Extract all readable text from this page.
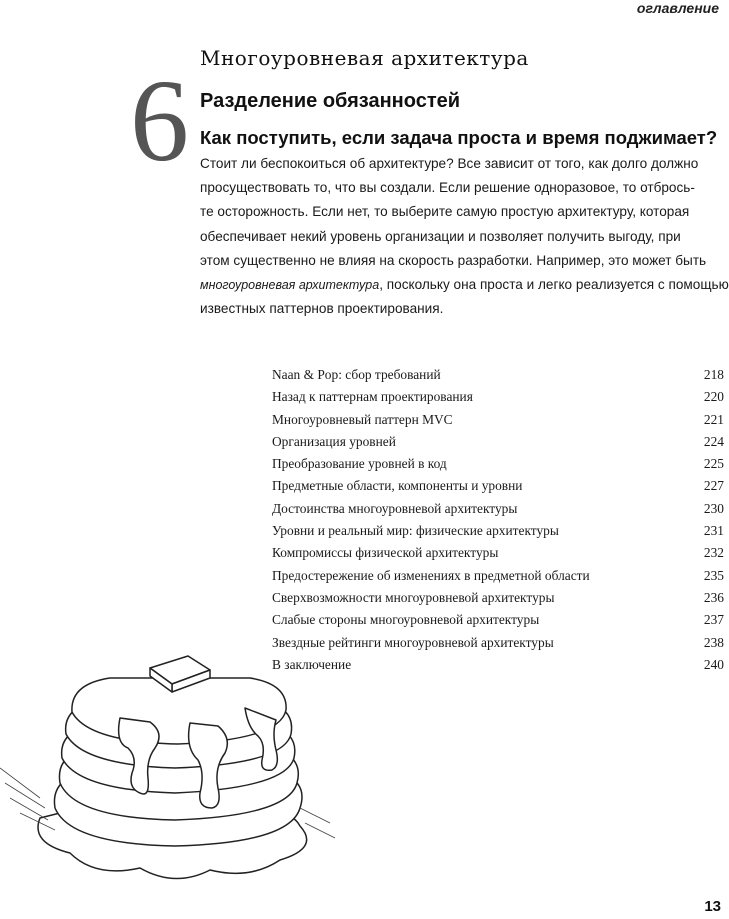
оглавление
6 Многоуровневая архитектура
Разделение обязанностей
Как поступить, если задача проста и время поджимает?
Стоит ли беспокоиться об архитектуре? Все зависит от того, как долго должно
просуществовать то, что вы создали. Если решение одноразовое, то отбрось-
те осторожность. Если нет, то выберите самую простую архитектуру, которая
обеспечивает некий уровень организации и позволяет получить выгоду, при
этом существенно не влияя на скорость разработки. Например, это может быть
многоуровневая архитектура, поскольку она проста и легко реализуется с помощью
известных паттернов проектирования.
Naan & Pop: сбор требований	218
Назад к паттернам проектирования	220
Многоуровневый паттерн MVC	221
Организация уровней	224
Преобразование уровней в код	225
Предметные области, компоненты и уровни	227
Достоинства многоуровневой архитектуры	230
Уровни и реальный мир: физические архитектуры	231
Компромиссы физической архитектуры	232
Предостережение об изменениях в предметной области	235
Сверхвозможности многоуровневой архитектуры	236
Слабые стороны многоуровневой архитектуры	237
Звездные рейтинги многоуровневой архитектуры	238
В заключение	240
13
